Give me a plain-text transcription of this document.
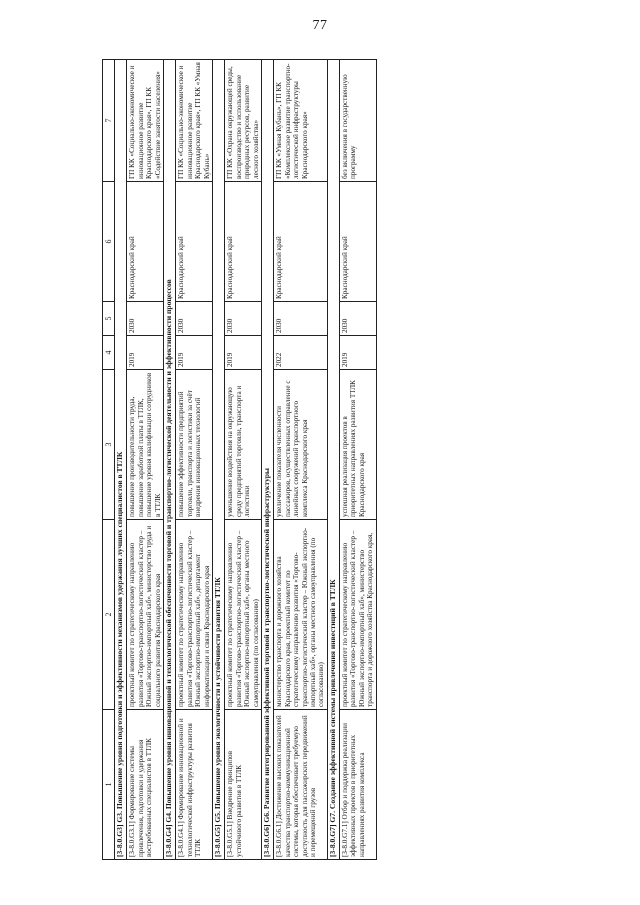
77
1	2	3	4	5	6	7
[3-8.0.G3] G3. Повышение уровня подготовки и эффективности механизмов удержания лучших специалистов в ТТЛК						
[3-8.0.G3.1] Формирование системы привлечения, подготовки и удержания востребованных специалистов в ТТЛК	проектный комитет по стратегическому направлению развития «Торгово-транспортно-логистический кластер – Южный экспортно-импортный хаб», министерство труда и социального развития Краснодарского края	повышение производительности труда, повышение заработной платы в ТТЛК, повышение уровня квалификации сотрудников в ТТЛК	2019	2030	Краснодарский край	ГП КК «Социально-экономическое и инновационное развитие Краснодарского края», ГП КК «Содействие занятости населения»
[3-8.0.G4] G4. Повышение уровня инновационной и технологической обеспеченности торговой и транспортно-логистической деятельности и эффективности процессов						
[3-8.0.G4.1] Формирование инновационной и технологической инфраструктуры развития ТТЛК	проектный комитет по стратегическому направлению развития «Торгово-транспортно-логистический кластер – Южный экспортно-импортный хаб», департамент информатизации и связи Краснодарского края	повышение эффективности предприятий торговли, транспорта и логистики за счёт внедрения инновационных технологий	2019	2030	Краснодарский край	ГП КК «Социально-экономическое и инновационное развитие Краснодарского края», ГП КК «Умная Кубань»
[3-8.0.G5] G5. Повышение уровня экологичности и устойчивости развития ТТЛК						
[3-8.0.G5.1] Внедрение принципов устойчивого развития в ТТЛК	проектный комитет по стратегическому направлению развития «Торгово-транспортно-логистический кластер – Южный экспортно-импортный хаб», органы местного самоуправления (по согласованию)	уменьшение воздействия на окружающую среду предприятий торговли, транспорта и логистики	2019	2030	Краснодарский край	ГП КК «Охрана окружающей среды, воспроизводство и использование природных ресурсов, развитие лесного хозяйства»
[3-8.0.G6] G6. Развитие интегрированной эффективной торговой и транспортно-логистической инфраструктуры						
[3-8.0.G6.1] Достижение высоких показателей качества транспортно-коммуникационной системы, которая обеспечивает требуемую доступность для пассажирских передвижений и перемещений грузов	министерство транспорта и дорожного хозяйства Краснодарского края, проектный комитет по стратегическому направлению развития «Торгово-транспортно-логистический кластер – Южный экспортно-импортный хаб», органы местного самоуправления (по согласованию)	увеличение показателя численности пассажиров, осуществленных отправление с линейных сооружений транспортного комплекса Краснодарского края	2022	2030	Краснодарский край	ГП КК «Умная Кубань», ГП КК «Комплексное развитие транспортно-логистической инфраструктуры Краснодарского края»
[3-8.0.G7] G7. Создание эффективной системы привлечения инвестиций в ТТЛК						
[3-8.0.G7.1] Отбор и поддержка реализации эффективных проектов в приоритетных направлениях развития комплекса	проектный комитет по стратегическому направлению развития «Торгово-транспортно-логистический кластер – Южный экспортно-импортный хаб», министерство транспорта и дорожного хозяйства Краснодарского края,	успешная реализация проектов в приоритетных направлениях развития ТТЛК Краснодарского края	2019	2030	Краснодарский край	без включения в государственную программу
